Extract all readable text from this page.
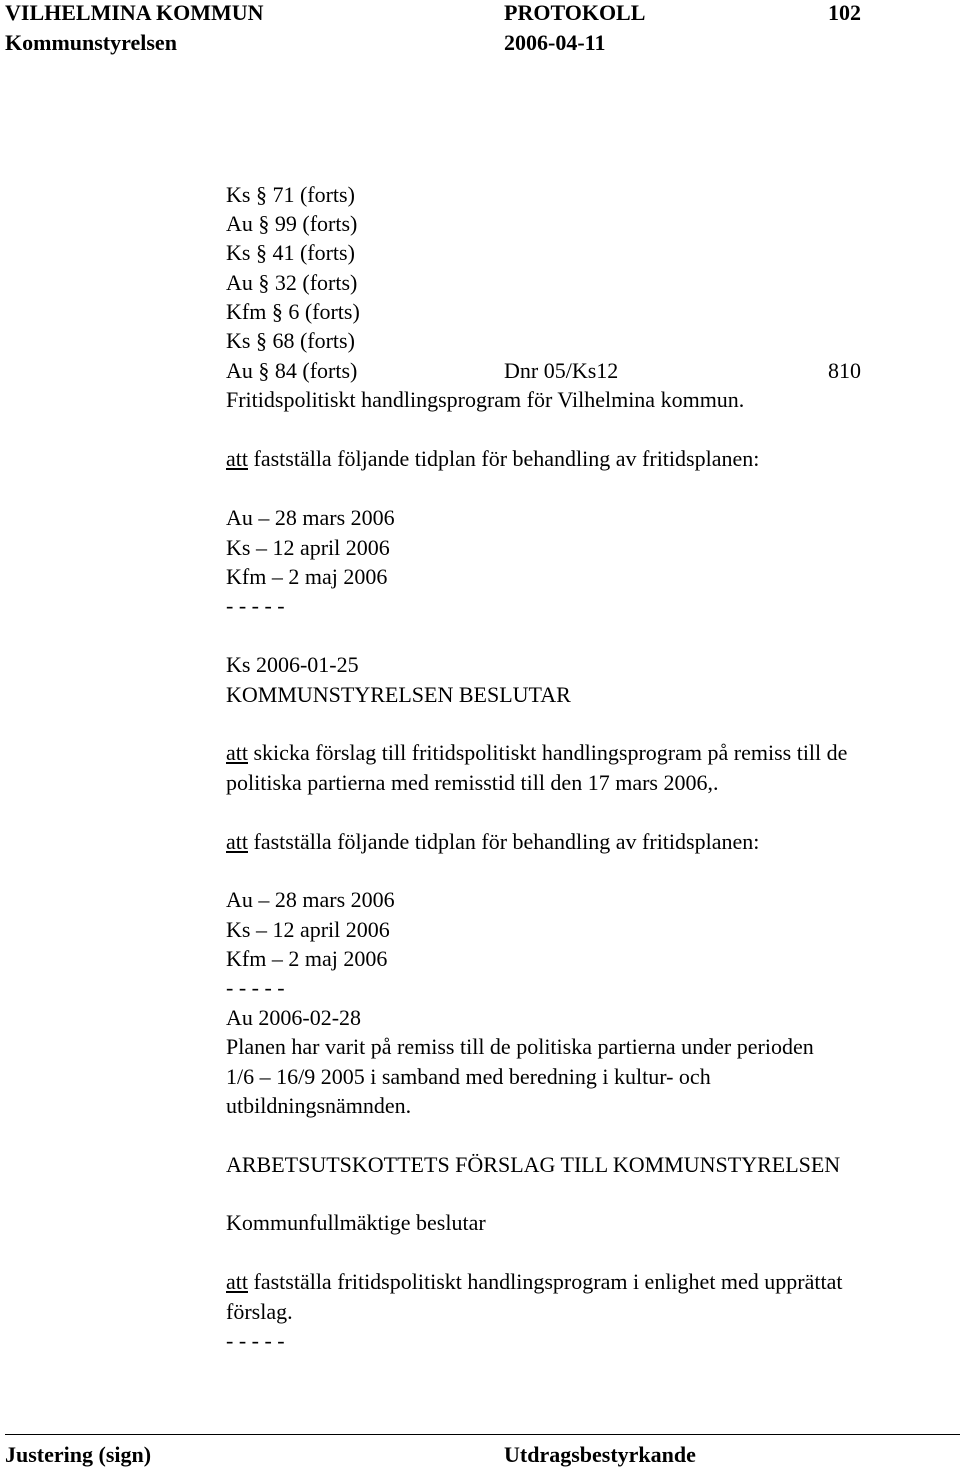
VILHELMINA KOMMUN	PROTOKOLL	102
Kommunstyrelsen	2006-04-11
Ks § 71 (forts)
Au § 99 (forts)
Ks § 41 (forts)
Au § 32 (forts)
Kfm § 6 (forts)
Ks § 68 (forts)
Au § 84 (forts)	Dnr 05/Ks12	810
Fritidspolitiskt handlingsprogram för Vilhelmina kommun.
att fastställa följande tidplan för behandling av fritidsplanen:
Au – 28 mars 2006
Ks – 12 april 2006
Kfm – 2 maj 2006
- - - - -
Ks 2006-01-25
KOMMUNSTYRELSEN BESLUTAR
att skicka förslag till fritidspolitiskt handlingsprogram på remiss till de
politiska partierna med remisstid till den 17 mars 2006,.
att fastställa följande tidplan för behandling av fritidsplanen:
Au – 28 mars 2006
Ks – 12 april 2006
Kfm – 2 maj 2006
- - - - -
Au 2006-02-28
Planen har varit på remiss till de politiska partierna under perioden
1/6 – 16/9 2005 i samband med beredning i kultur- och
utbildningsnämnden.
ARBETSUTSKOTTETS FÖRSLAG TILL KOMMUNSTYRELSEN
Kommunfullmäktige beslutar
att fastställa fritidspolitiskt handlingsprogram i enlighet med upprättat
förslag.
- - - - -
Justering (sign)	Utdragsbestyrkande
